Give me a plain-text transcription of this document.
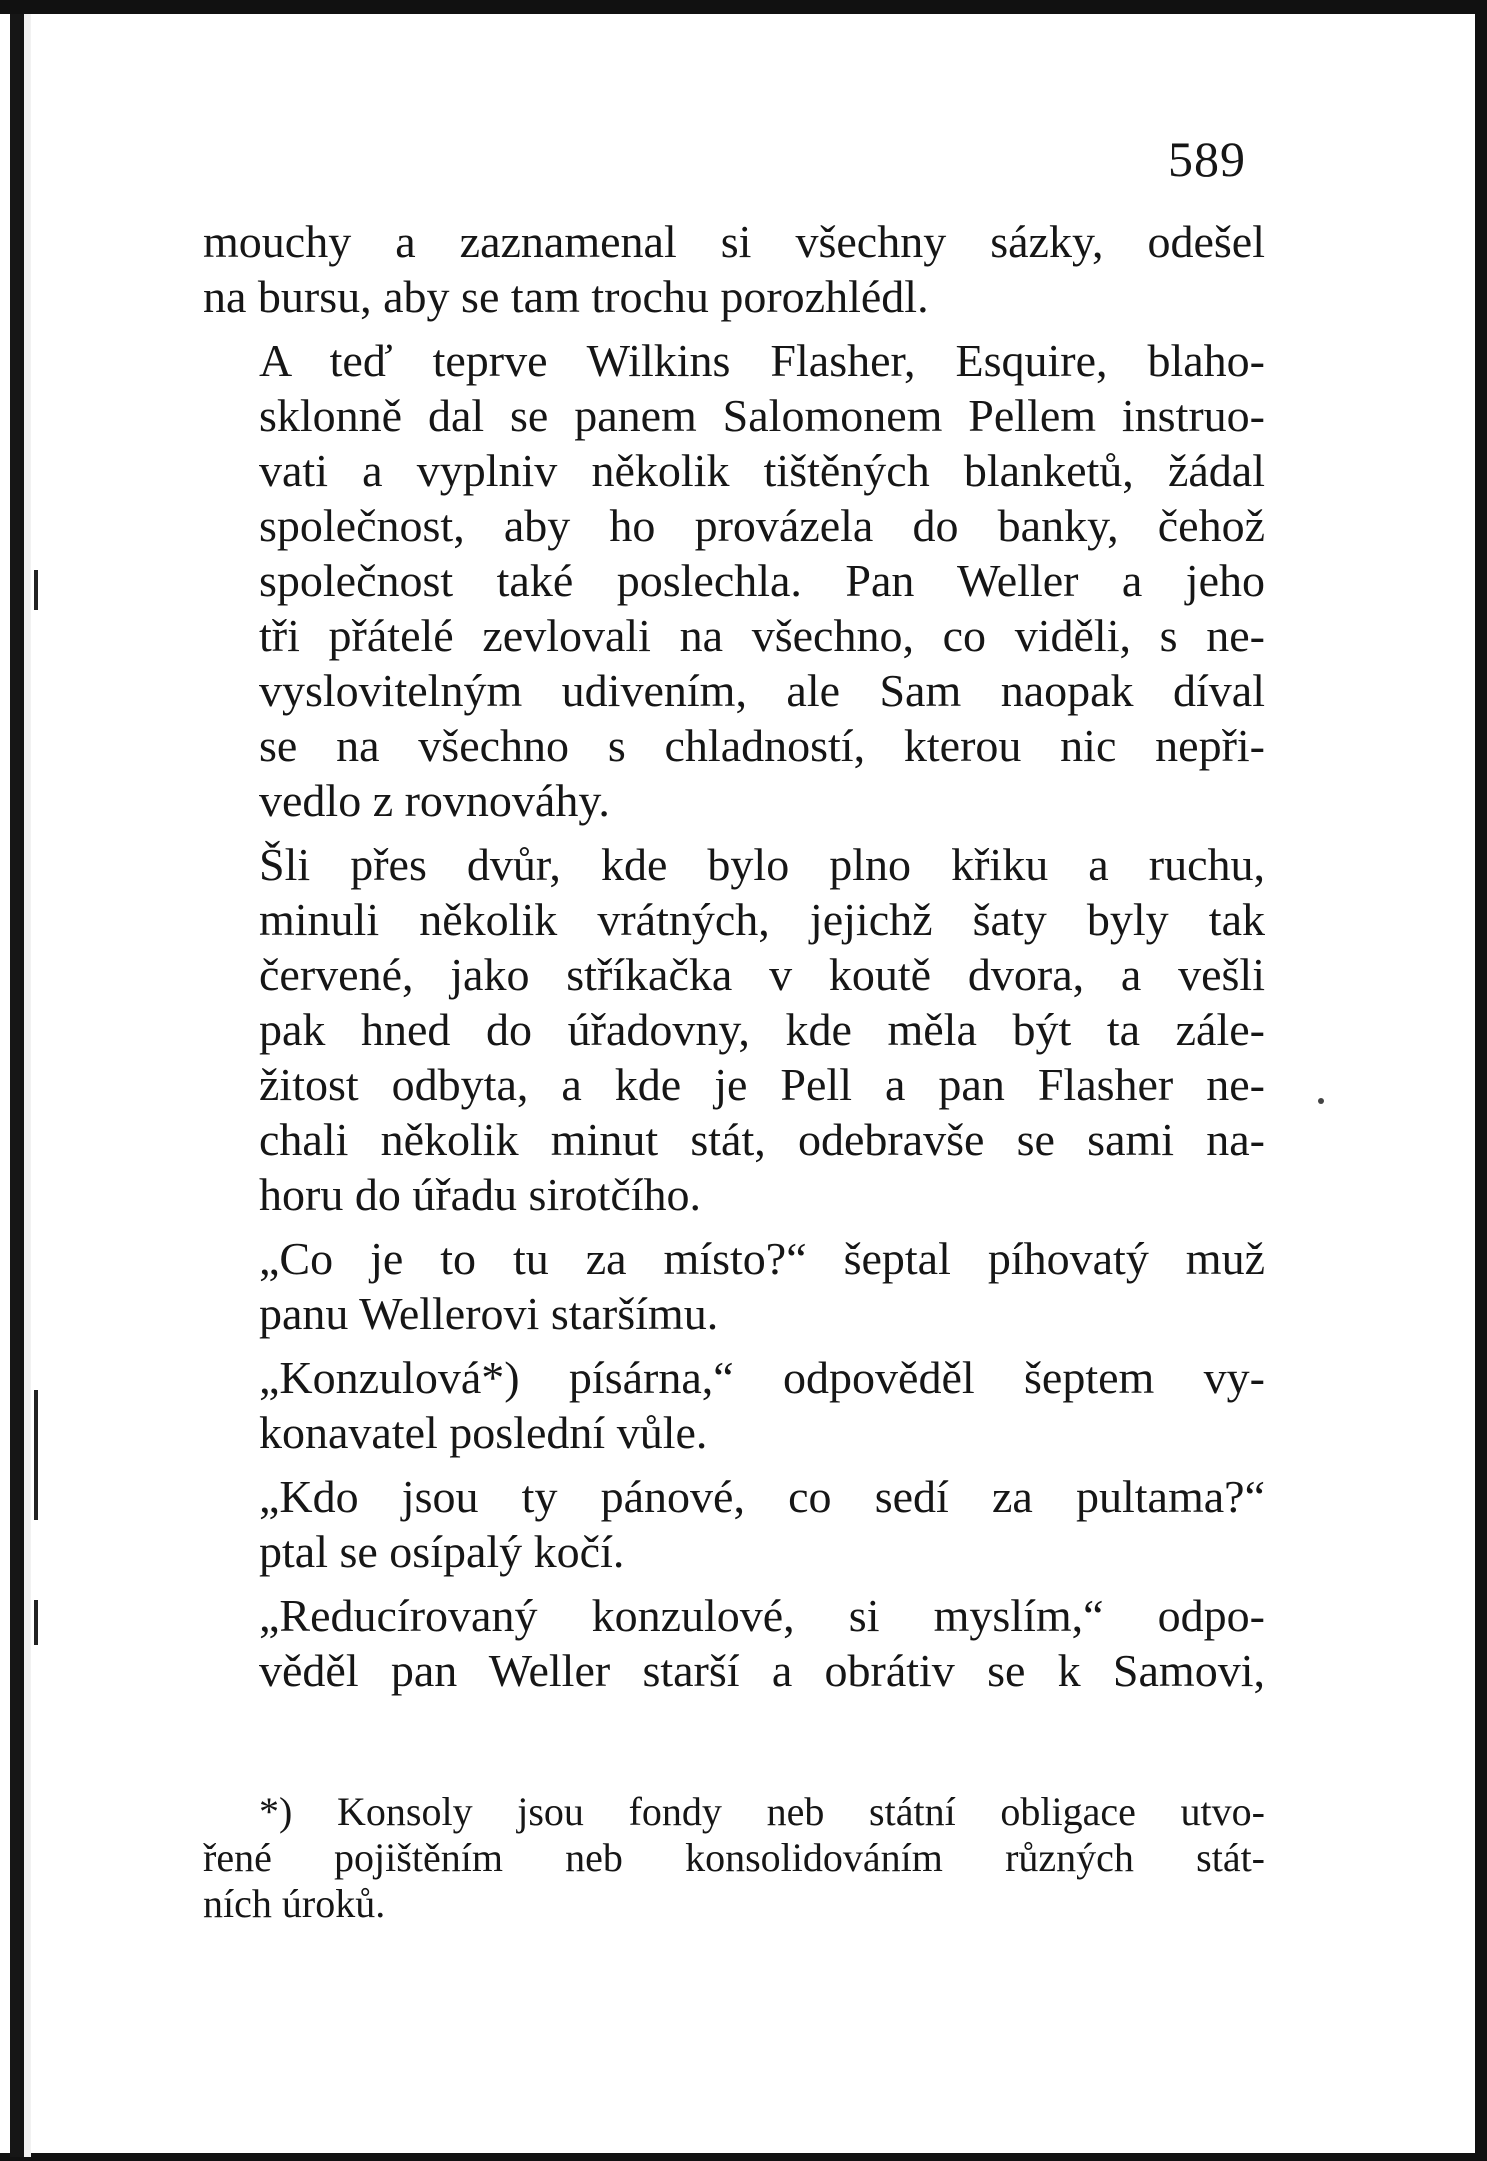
589

mouchy a zaznamenal si všechny sázky, odešel
na bursu, aby se tam trochu porozhlédl.

A teď teprve Wilkins Flasher, Esquire, blaho-
sklonně dal se panem Salomonem Pellem instruo-
vati a vyplniv několik tištěných blanketů, žádal
společnost, aby ho provázela do banky, čehož
společnost také poslechla. Pan Weller a jeho
tři přátelé zevlovali na všechno, co viděli, s ne-
vyslovitelným udivením, ale Sam naopak díval
se na všechno s chladností, kterou nic nepři-
vedlo z rovnováhy.

Šli přes dvůr, kde bylo plno křiku a ruchu,
minuli několik vrátných, jejichž šaty byly tak
červené, jako stříkačka v koutě dvora, a vešli
pak hned do úřadovny, kde měla být ta zále-
žitost odbyta, a kde je Pell a pan Flasher ne-
chali několik minut stát, odebravše se sami na-
horu do úřadu sirotčího.

„Co je to tu za místo?“ šeptal píhovatý muž
panu Wellerovi staršímu.

„Konzulová*) písárna,“ odpověděl šeptem vy-
konavatel poslední vůle.

„Kdo jsou ty pánové, co sedí za pultama?“
ptal se osípalý kočí.

„Reducírovaný konzulové, si myslím,“ odpo-
věděl pan Weller starší a obrátiv se k Samovi,

*) Konsoly jsou fondy neb státní obligace utvo-
řené pojištěním neb konsolidováním různých stát-
ních úroků.
